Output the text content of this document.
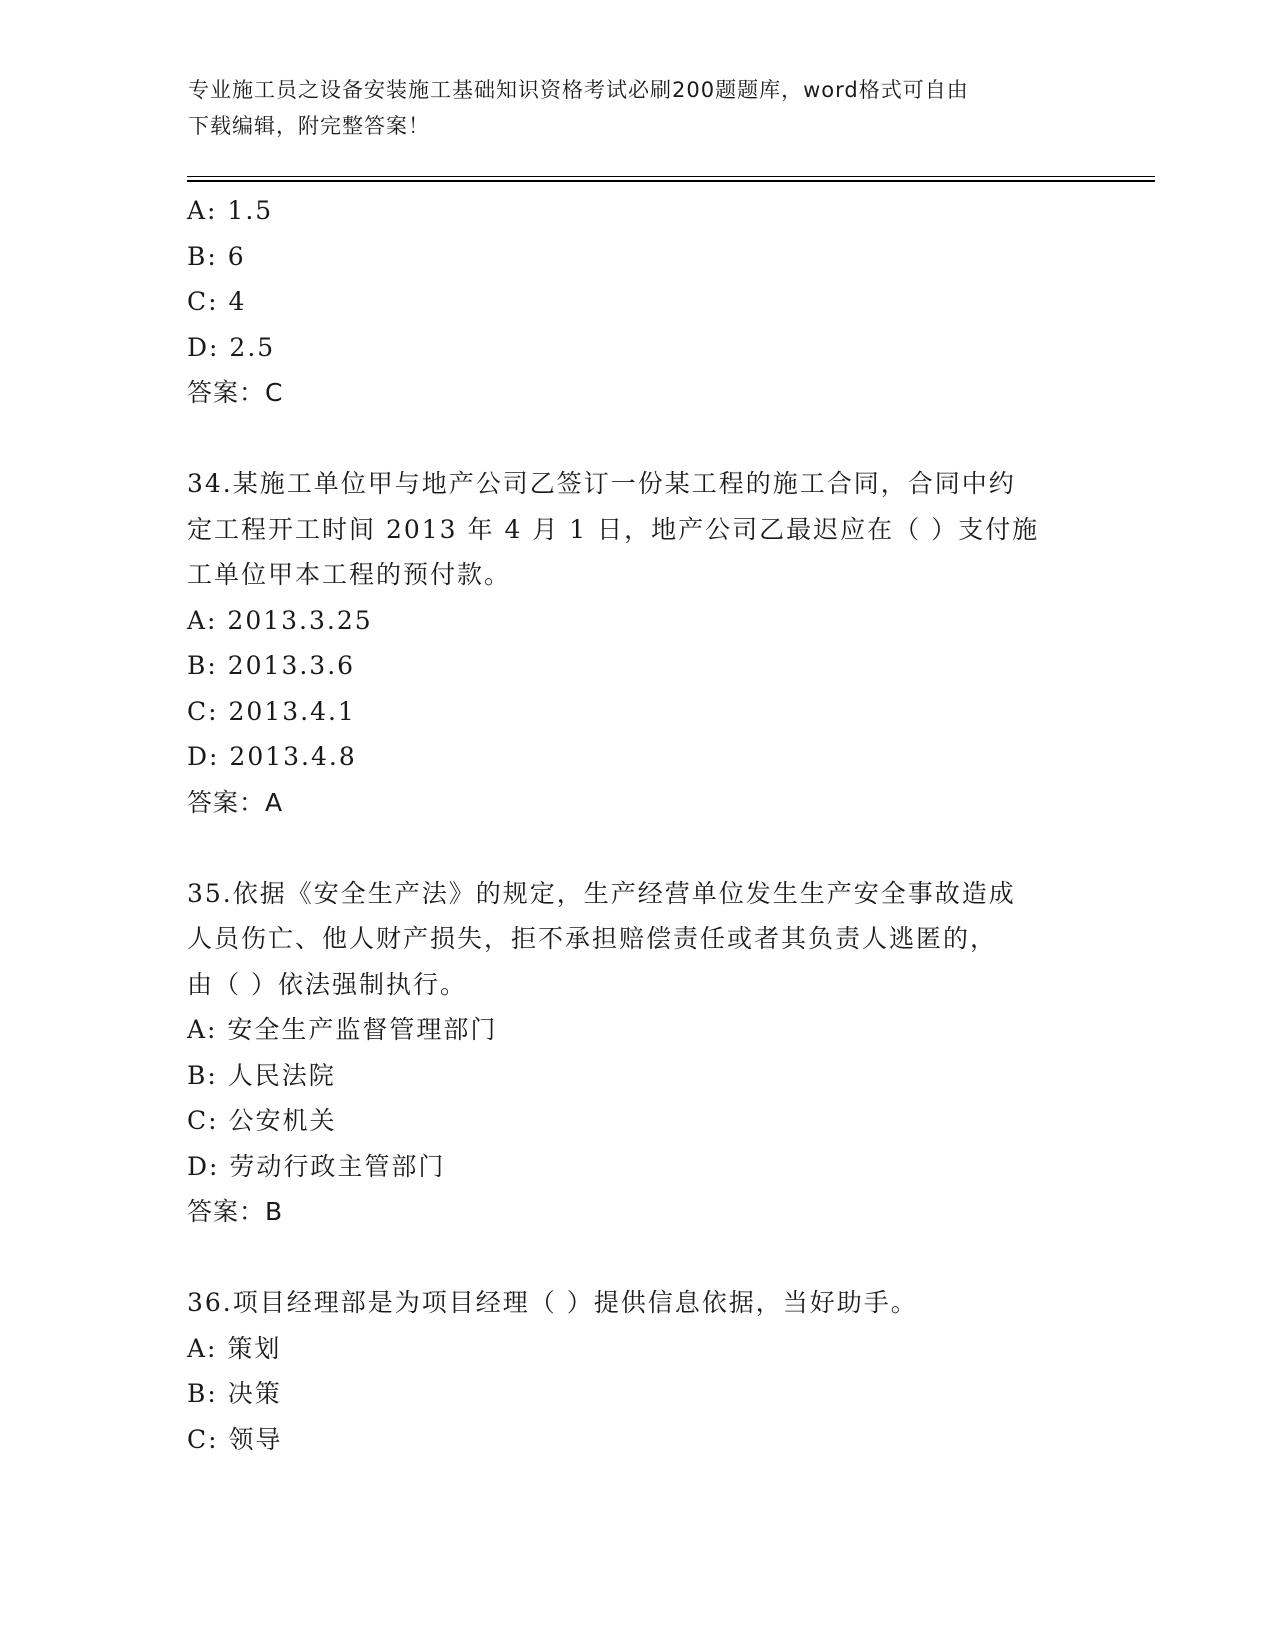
专业施工员之设备安装施工基础知识资格考试必刷200题题库，word格式可自由
下载编辑，附完整答案！
A: 1.5
B: 6
C: 4
D: 2.5
答案：C
34.某施工单位甲与地产公司乙签订一份某工程的施工合同，合同中约
定工程开工时间 2013 年 4 月 1 日，地产公司乙最迟应在（ ）支付施
工单位甲本工程的预付款。
A: 2013.3.25
B: 2013.3.6
C: 2013.4.1
D: 2013.4.8
答案：A
35.依据《安全生产法》的规定，生产经营单位发生生产安全事故造成
人员伤亡、他人财产损失，拒不承担赔偿责任或者其负责人逃匿的，
由（ ）依法强制执行。
A: 安全生产监督管理部门
B: 人民法院
C: 公安机关
D: 劳动行政主管部门
答案：B
36.项目经理部是为项目经理（ ）提供信息依据，当好助手。
A: 策划
B: 决策
C: 领导
